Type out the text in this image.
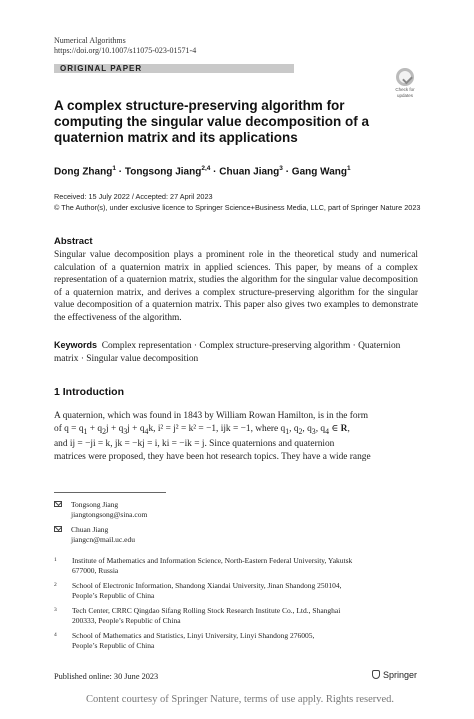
Numerical Algorithms
https://doi.org/10.1007/s11075-023-01571-4
ORIGINAL PAPER
Check for
updates
A complex structure-preserving algorithm for computing the singular value decomposition of a quaternion matrix and its applications
Dong Zhang$^1$ · Tongsong Jiang$^{2,4}$ · Chuan Jiang$^3$ · Gang Wang$^1$
Received: 15 July 2022 / Accepted: 27 April 2023
© The Author(s), under exclusive licence to Springer Science+Business Media, LLC, part of Springer Nature 2023
Abstract
Singular value decomposition plays a prominent role in the theoretical study and numerical calculation of a quaternion matrix in applied sciences. This paper, by means of a complex representation of a quaternion matrix, studies the algorithm for the singular value decomposition of a quaternion matrix, and derives a complex structure-preserving algorithm for the singular value decomposition of a quaternion matrix. This paper also gives two examples to demonstrate the effectiveness of the algorithm.
Keywords Complex representation · Complex structure-preserving algorithm · Quaternion matrix · Singular value decomposition
1 Introduction
A quaternion, which was found in 1843 by William Rowan Hamilton, is in the form
of $q = q_1 + q_2j + q_3j + q_4k$, i² = j² = k² = −1, ijk = −1, where $q_1$, $q_2$, $q_3$, $q_4$ ∈ R,
and ij = −ji = k, jk = −kj = i, ki = −ik = j. Since quaternions and quaternion
matrices were proposed, they have been hot research topics. They have a wide range
Tongsong Jiang
jiangtongsong@sina.com
Chuan Jiang
jiangcn@mail.uc.edu
1 Institute of Mathematics and Information Science, North-Eastern Federal University, Yakutsk
677000, Russia
2 School of Electronic Information, Shandong Xiandai University, Jinan Shandong 250104,
People’s Republic of China
3 Tech Center, CRRC Qingdao Sifang Rolling Stock Research Institute Co., Ltd., Shanghai
200333, People’s Republic of China
4 School of Mathematics and Statistics, Linyi University, Linyi Shandong 276005,
People’s Republic of China
Published online: 30 June 2023	Springer
Content courtesy of Springer Nature, terms of use apply. Rights reserved.
